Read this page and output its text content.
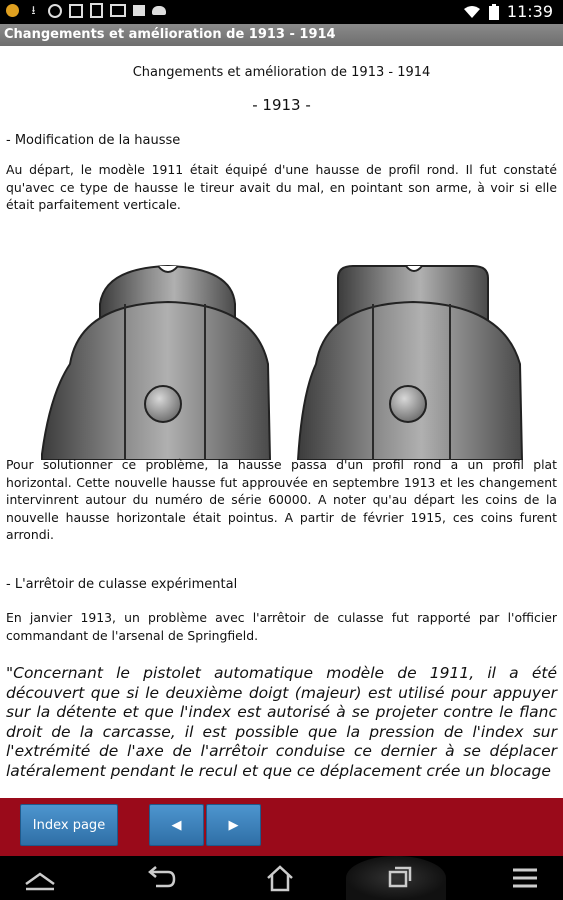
⭳	11:39
Changements et amélioration de 1913 - 1914
Changements et amélioration de 1913 - 1914
- 1913 -
- Modification de la hausse
Au départ, le modèle 1911 était équipé d'une hausse de profil rond. Il fut constaté qu'avec ce type de hausse le tireur avait du mal, en pointant son arme, à voir si elle était parfaitement verticale.
Pour solutionner ce problème, la hausse passa d'un profil rond a un profil plat horizontal. Cette nouvelle hausse fut approuvée en septembre 1913 et les changement intervinrent autour du numéro de série 60000. A noter qu'au départ les coins de la nouvelle hausse horizontale était pointus. A partir de février 1915, ces coins furent arrondi.
- L'arrêtoir de culasse expérimental
En janvier 1913, un problème avec l'arrêtoir de culasse fut rapporté par l'officier commandant de l'arsenal de Springfield.
"Concernant le pistolet automatique modèle de 1911, il a été découvert que si le deuxième doigt (majeur) est utilisé pour appuyer sur la détente et que l'index est autorisé à se projeter contre le flanc droit de la carcasse, il est possible que la pression de l'index sur l'extrémité de l'axe de l'arrêtoir conduise ce dernier à se déplacer latéralement pendant le recul et que ce déplacement crée un blocage
Index page	◀	▶
